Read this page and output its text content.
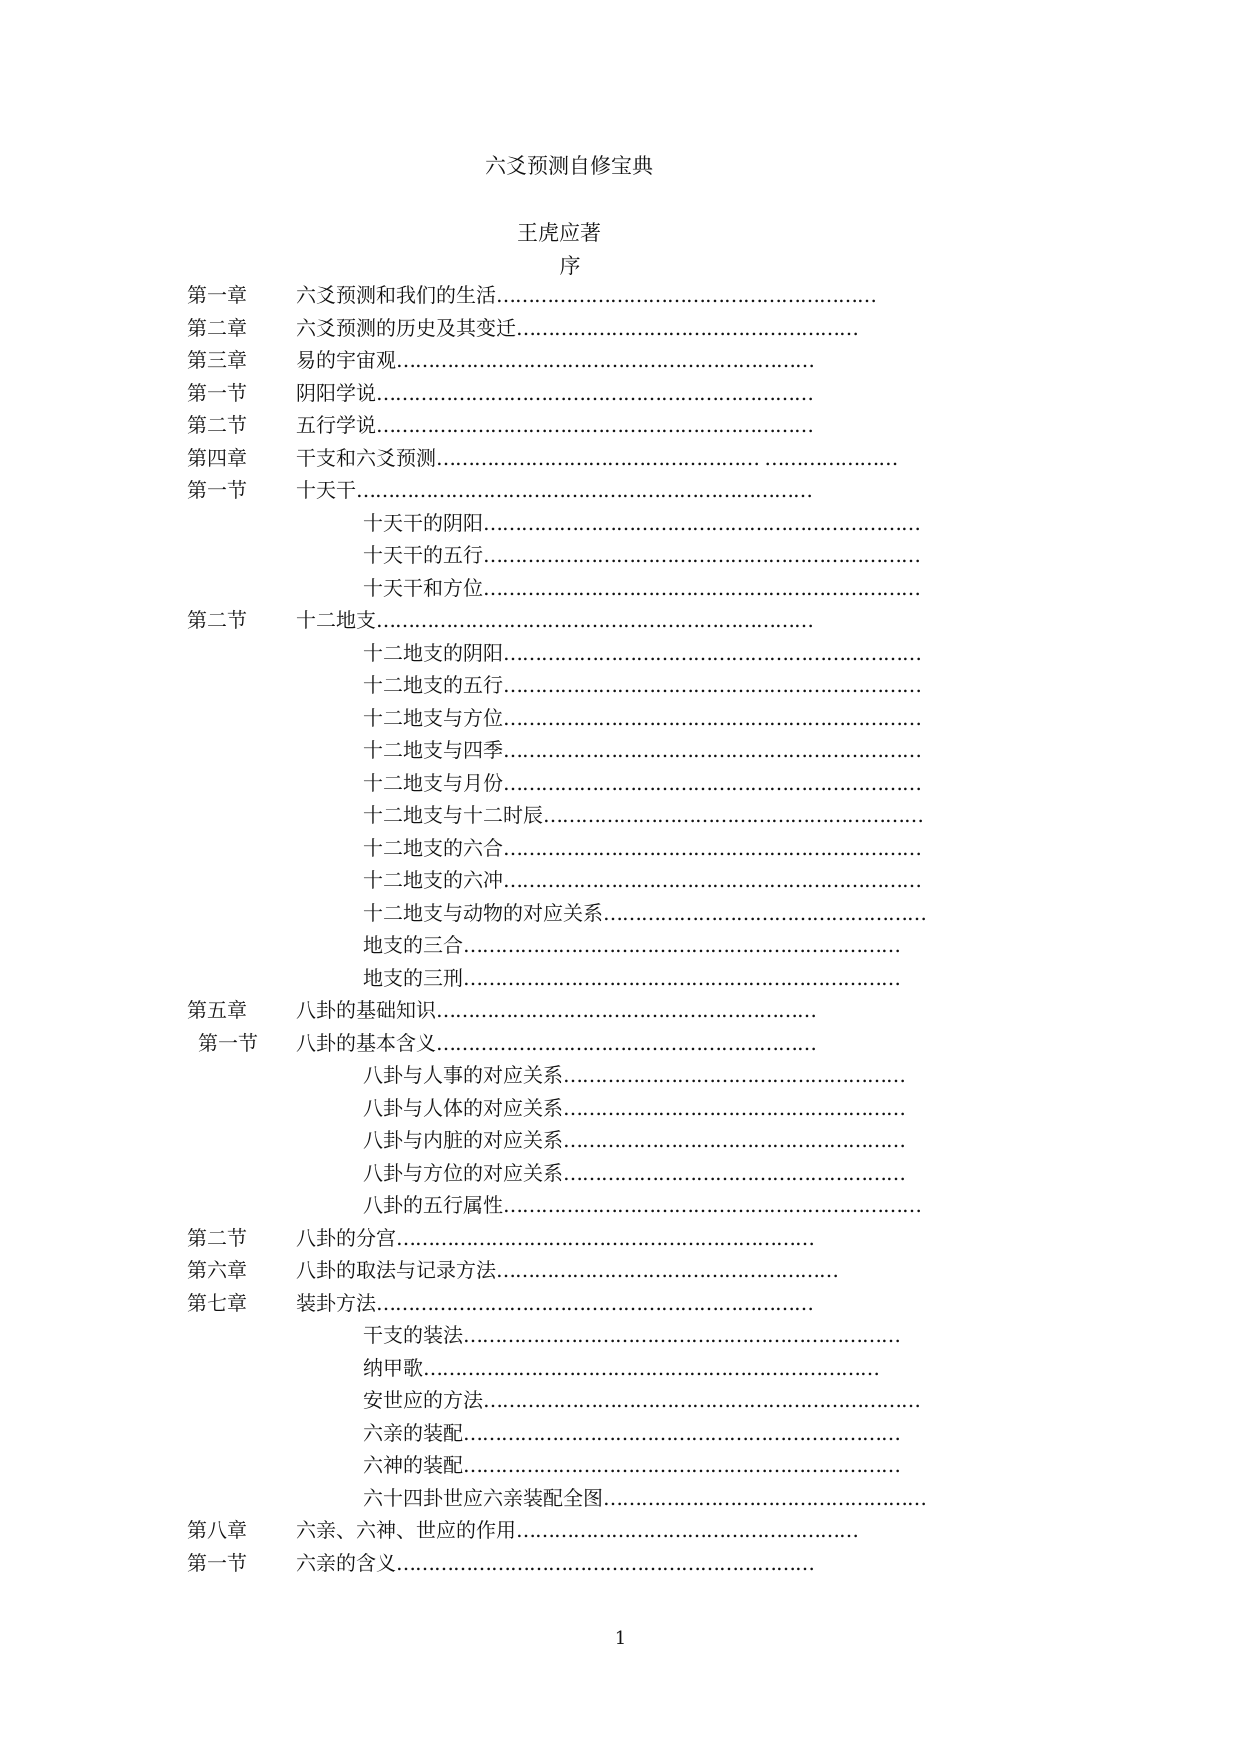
六爻预测自修宝典
王虎应著
序
第一章 六爻预测和我们的生活……………………………………………………
第二章 六爻预测的历史及其变迁………………………………………………
第三章 易的宇宙观…………………………………………………………
第一节 阴阳学说……………………………………………………………
第二节 五行学说……………………………………………………………
第四章 干支和六爻预测…………………………………………… …………………
第一节 十天干………………………………………………………………
十天干的阴阳……………………………………………………………
十天干的五行……………………………………………………………
十天干和方位……………………………………………………………
第二节 十二地支……………………………………………………………
十二地支的阴阳…………………………………………………………
十二地支的五行…………………………………………………………
十二地支与方位…………………………………………………………
十二地支与四季…………………………………………………………
十二地支与月份…………………………………………………………
十二地支与十二时辰……………………………………………………
十二地支的六合…………………………………………………………
十二地支的六冲…………………………………………………………
十二地支与动物的对应关系……………………………………………
地支的三合……………………………………………………………
地支的三刑……………………………………………………………
第五章 八卦的基础知识……………………………………………………
第一节 八卦的基本含义……………………………………………………
八卦与人事的对应关系………………………………………………
八卦与人体的对应关系………………………………………………
八卦与内脏的对应关系………………………………………………
八卦与方位的对应关系………………………………………………
八卦的五行属性…………………………………………………………
第二节 八卦的分宫…………………………………………………………
第六章 八卦的取法与记录方法………………………………………………
第七章 装卦方法……………………………………………………………
干支的装法……………………………………………………………
纳甲歌………………………………………………………………
安世应的方法……………………………………………………………
六亲的装配……………………………………………………………
六神的装配……………………………………………………………
六十四卦世应六亲装配全图……………………………………………
第八章 六亲、六神、世应的作用………………………………………………
第一节 六亲的含义…………………………………………………………
1
